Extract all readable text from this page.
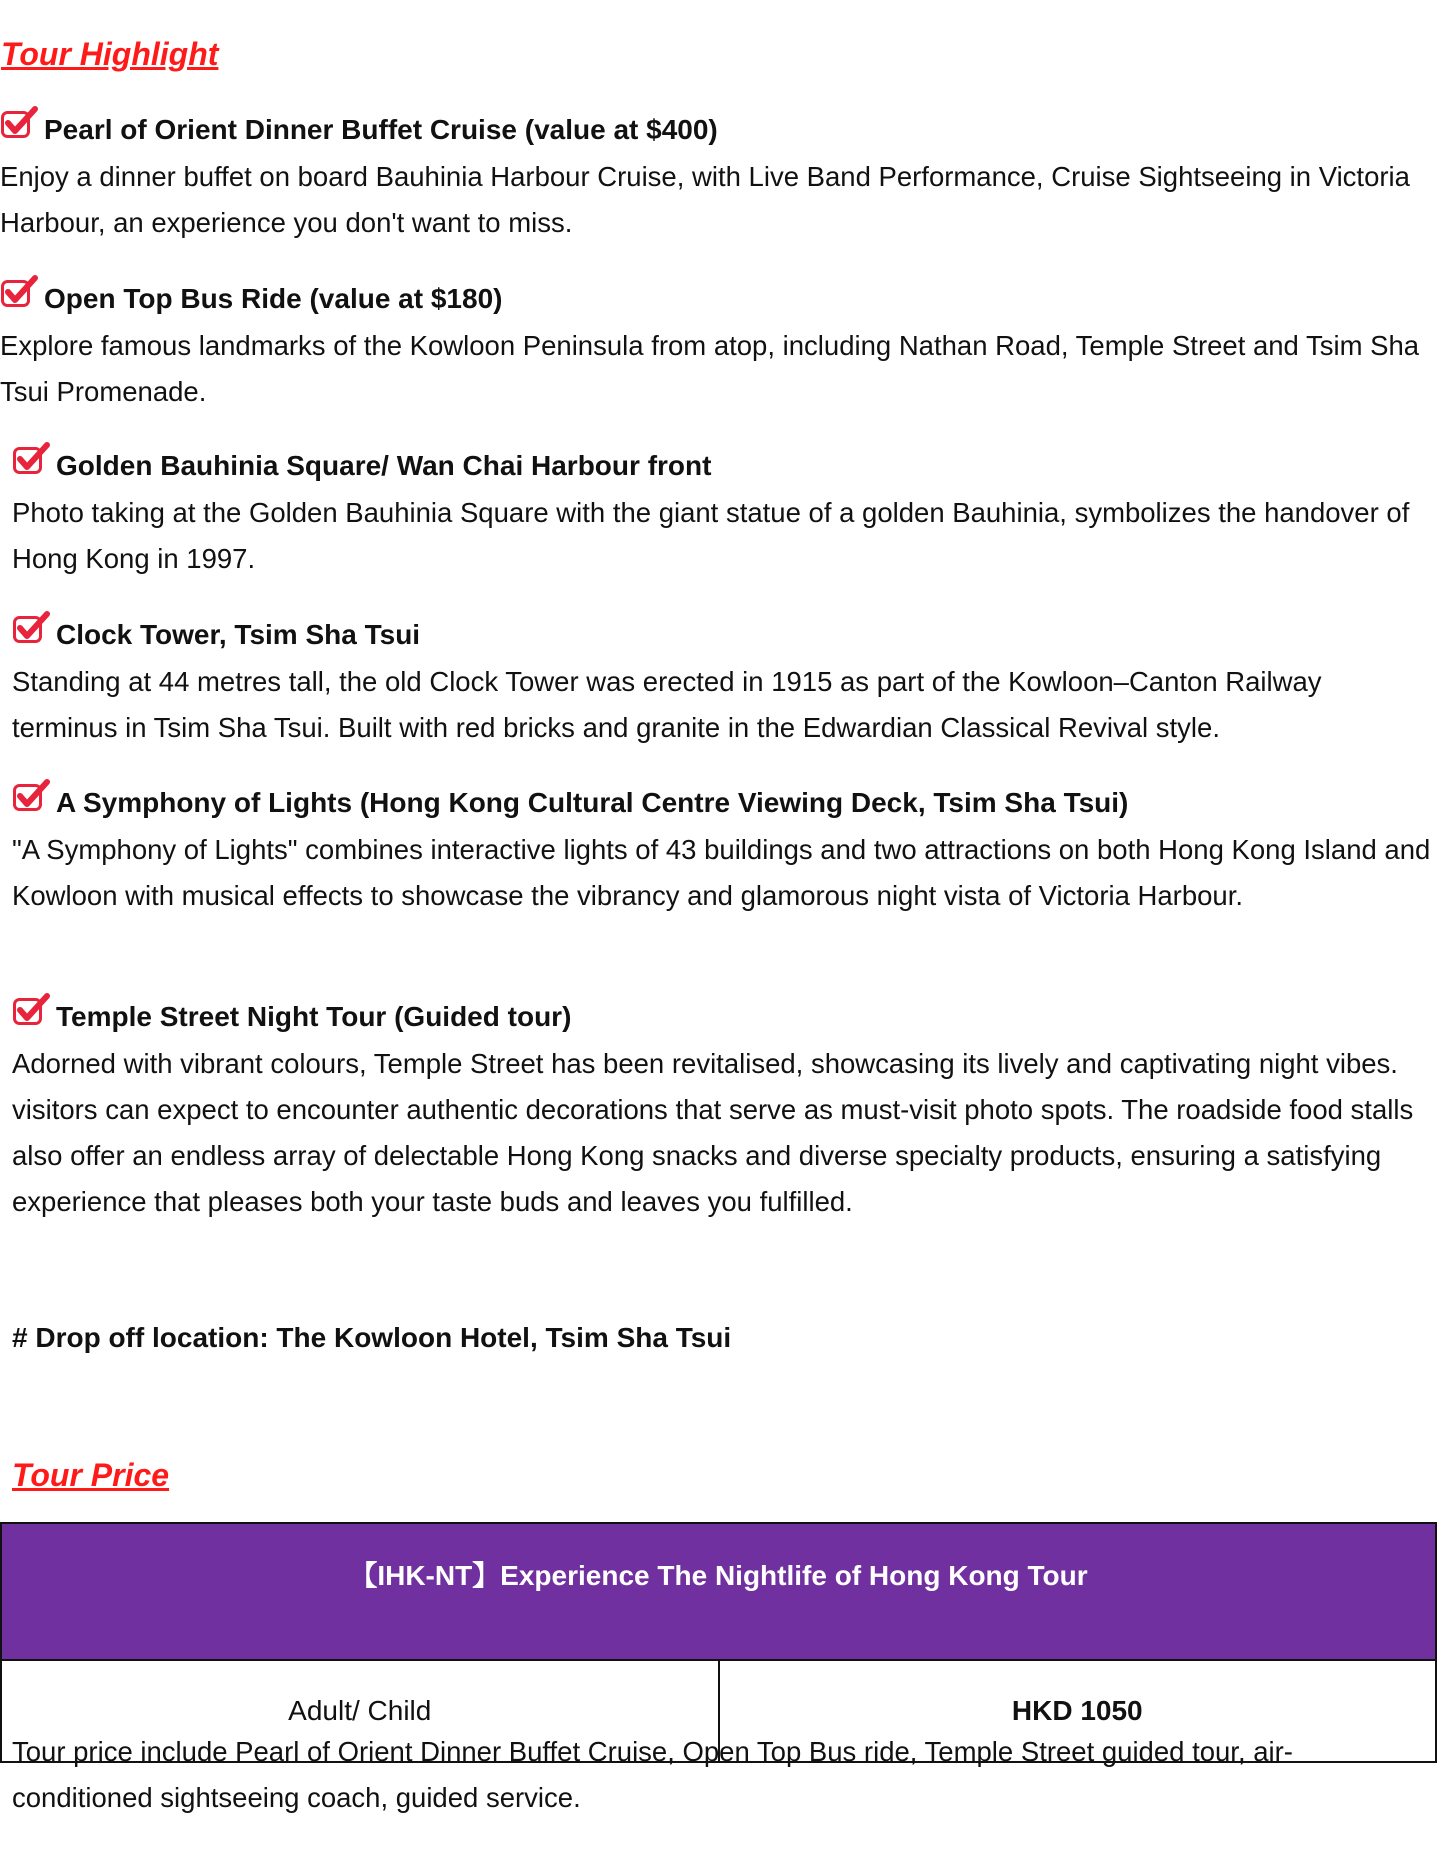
Tour Highlight
Pearl of Orient Dinner Buffet Cruise (value at $400)

Enjoy a dinner buffet on board Bauhinia Harbour Cruise, with Live Band Performance, Cruise Sightseeing in Victoria Harbour, an experience you don't want to miss.

Open Top Bus Ride (value at $180)

Explore famous landmarks of the Kowloon Peninsula from atop, including Nathan Road, Temple Street and Tsim Sha Tsui Promenade.

Golden Bauhinia Square/ Wan Chai Harbour front

Photo taking at the Golden Bauhinia Square with the giant statue of a golden Bauhinia, symbolizes the handover of Hong Kong in 1997.

Clock Tower, Tsim Sha Tsui

Standing at 44 metres tall, the old Clock Tower was erected in 1915 as part of the Kowloon–Canton Railway terminus in Tsim Sha Tsui. Built with red bricks and granite in the Edwardian Classical Revival style.

A Symphony of Lights (Hong Kong Cultural Centre Viewing Deck, Tsim Sha Tsui)

"A Symphony of Lights" combines interactive lights of 43 buildings and two attractions on both Hong Kong Island and Kowloon with musical effects to showcase the vibrancy and glamorous night vista of Victoria Harbour.

Temple Street Night Tour (Guided tour)

Adorned with vibrant colours, Temple Street has been revitalised, showcasing its lively and captivating night vibes. visitors can expect to encounter authentic decorations that serve as must-visit photo spots. The roadside food stalls also offer an endless array of delectable Hong Kong snacks and diverse specialty products, ensuring a satisfying experience that pleases both your taste buds and leaves you fulfilled.

# Drop off location: The Kowloon Hotel, Tsim Sha Tsui

Tour Price
【IHK-NT】Experience The Nightlife of Hong Kong Tour
Adult/ Child	HKD 1050

Tour price include Pearl of Orient Dinner Buffet Cruise, Open Top Bus ride, Temple Street guided tour, air-conditioned sightseeing coach, guided service.
